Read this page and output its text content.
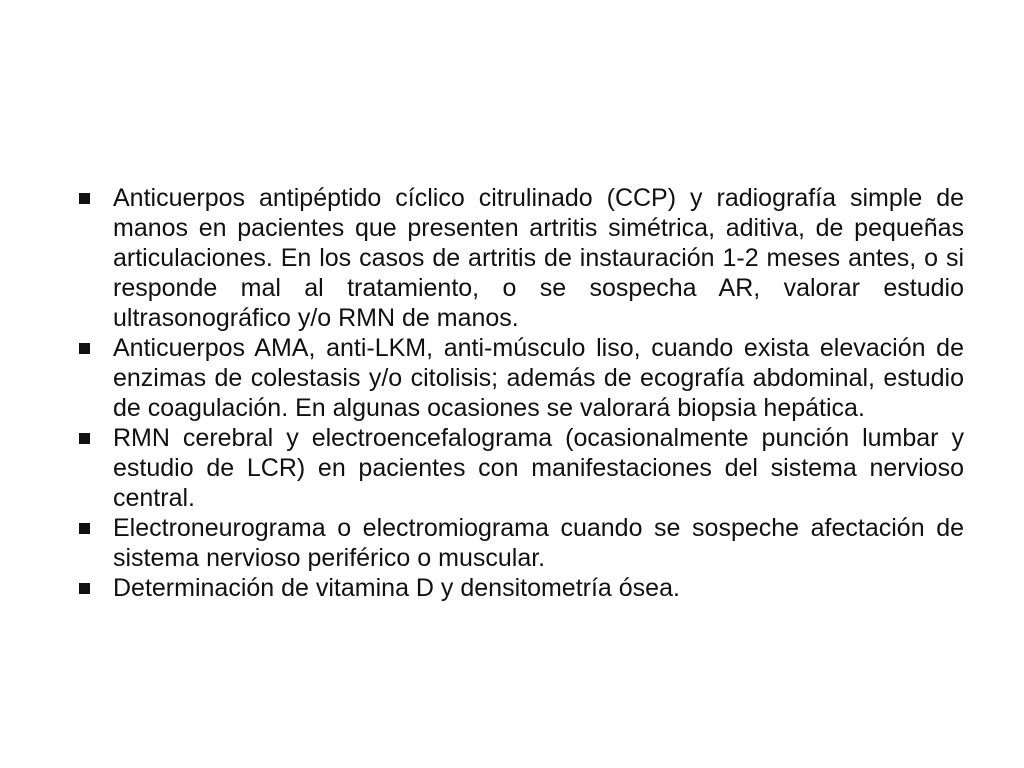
Anticuerpos antipéptido cíclico citrulinado (CCP) y radiografía simple de manos en pacientes que presenten artritis simétrica, aditiva, de pequeñas articulaciones. En los casos de artritis de instauración 1-2 meses antes, o si responde mal al tratamiento, o se sospecha AR, valorar estudio ultrasonográfico y/o RMN de manos.
Anticuerpos AMA, anti-LKM, anti-músculo liso, cuando exista elevación de enzimas de colestasis y/o citolisis; además de ecografía abdominal, estudio de coagulación. En algunas ocasiones se valorará biopsia hepática.
RMN cerebral y electroencefalograma (ocasionalmente punción lumbar y estudio de LCR) en pacientes con manifestaciones del sistema nervioso central.
Electroneurograma o electromiograma cuando se sospeche afectación de sistema nervioso periférico o muscular.
Determinación de vitamina D y densitometría ósea.
